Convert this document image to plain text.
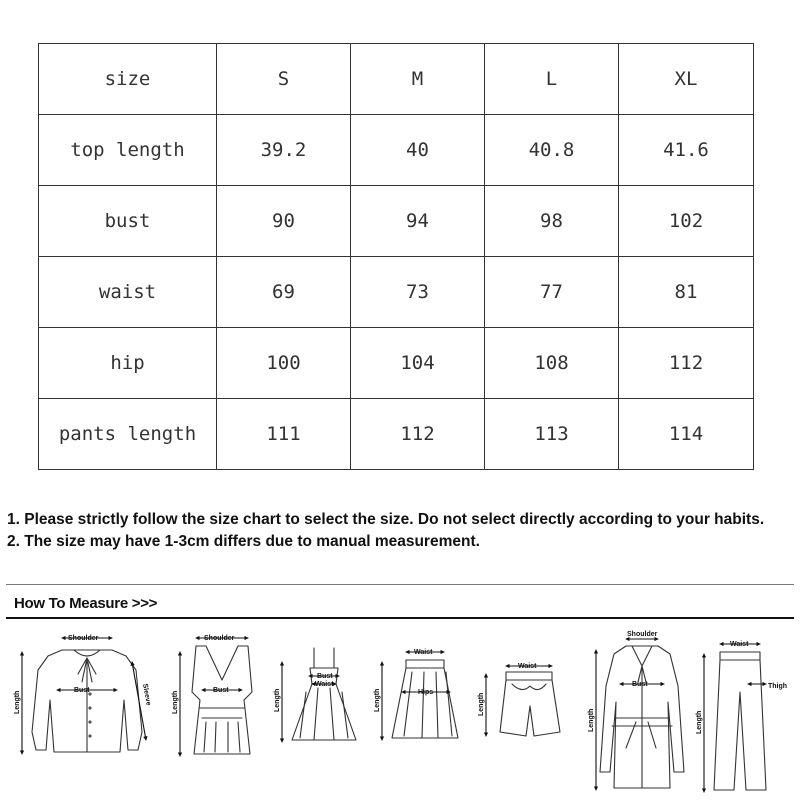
size	S	M	L	XL
top length	39.2	40	40.8	41.6
bust	90	94	98	102
waist	69	73	77	81
hip	100	104	108	112
pants length	111	112	113	114

1. Please strictly follow the size chart to select the size. Do not select directly according to your habits.

2. The size may have 1-3cm differs due to manual measurement.

How To Measure >>>
Shoulder
Bust
Length	Sleeve
Shoulder
Bust
Length
Bust
Waist
Length
Waist
Hips
Length
Waist
Length
Shoulder
Bust
Length
Waist
Thigh
Length
